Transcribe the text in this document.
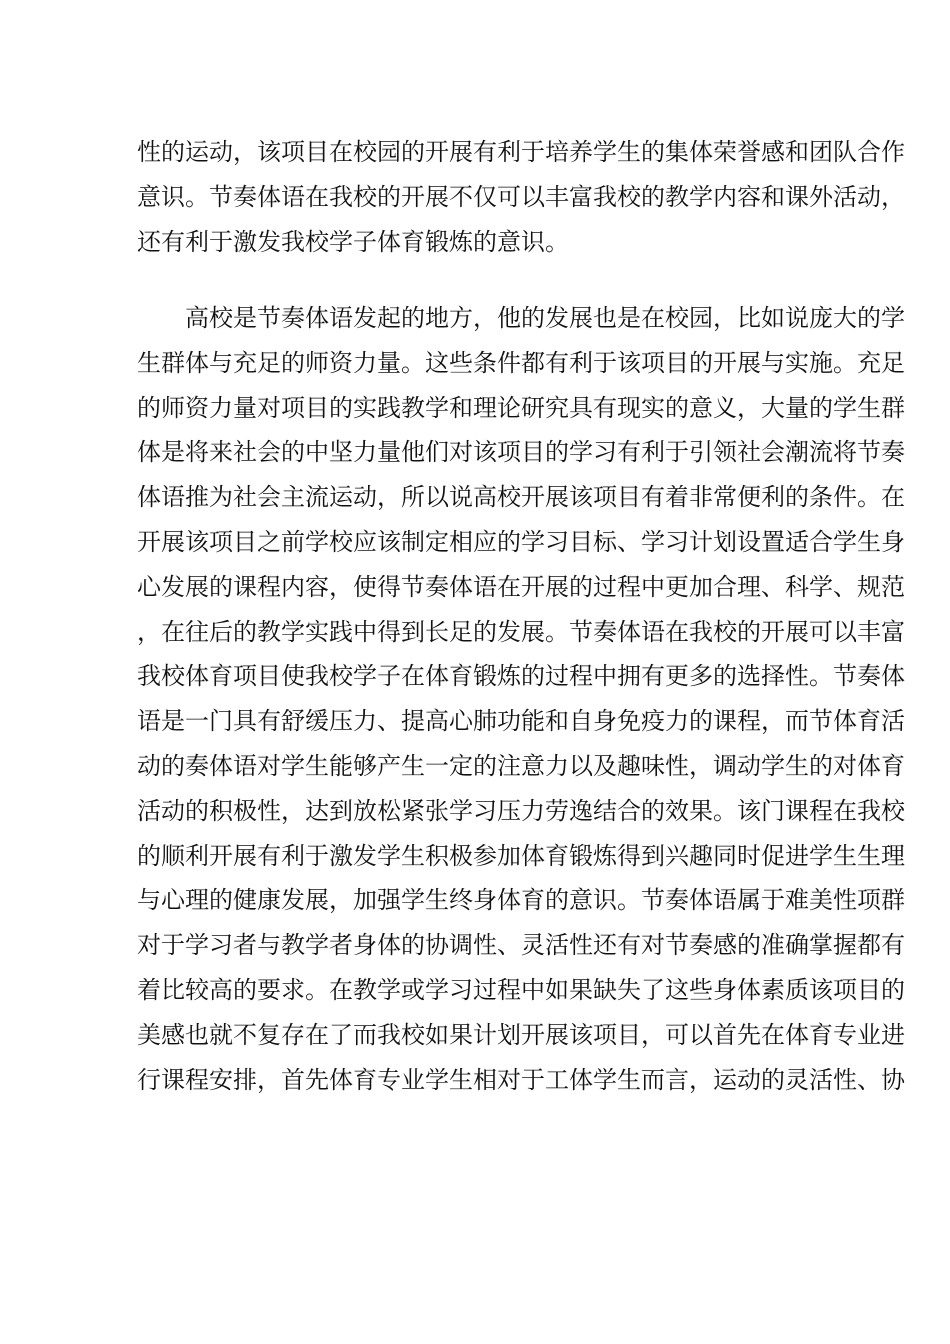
性的运动，该项目在校园的开展有利于培养学生的集体荣誉感和团队合作
意识。节奏体语在我校的开展不仅可以丰富我校的教学内容和课外活动，
还有利于激发我校学子体育锻炼的意识。
　　高校是节奏体语发起的地方，他的发展也是在校园，比如说庞大的学
生群体与充足的师资力量。这些条件都有利于该项目的开展与实施。充足
的师资力量对项目的实践教学和理论研究具有现实的意义，大量的学生群
体是将来社会的中坚力量他们对该项目的学习有利于引领社会潮流将节奏
体语推为社会主流运动，所以说高校开展该项目有着非常便利的条件。在
开展该项目之前学校应该制定相应的学习目标、学习计划设置适合学生身
心发展的课程内容，使得节奏体语在开展的过程中更加合理、科学、规范
，在往后的教学实践中得到长足的发展。节奏体语在我校的开展可以丰富
我校体育项目使我校学子在体育锻炼的过程中拥有更多的选择性。节奏体
语是一门具有舒缓压力、提高心肺功能和自身免疫力的课程，而节体育活
动的奏体语对学生能够产生一定的注意力以及趣味性，调动学生的对体育
活动的积极性，达到放松紧张学习压力劳逸结合的效果。该门课程在我校
的顺利开展有利于激发学生积极参加体育锻炼得到兴趣同时促进学生生理
与心理的健康发展，加强学生终身体育的意识。节奏体语属于难美性项群
对于学习者与教学者身体的协调性、灵活性还有对节奏感的准确掌握都有
着比较高的要求。在教学或学习过程中如果缺失了这些身体素质该项目的
美感也就不复存在了而我校如果计划开展该项目，可以首先在体育专业进
行课程安排，首先体育专业学生相对于工体学生而言，运动的灵活性、协
